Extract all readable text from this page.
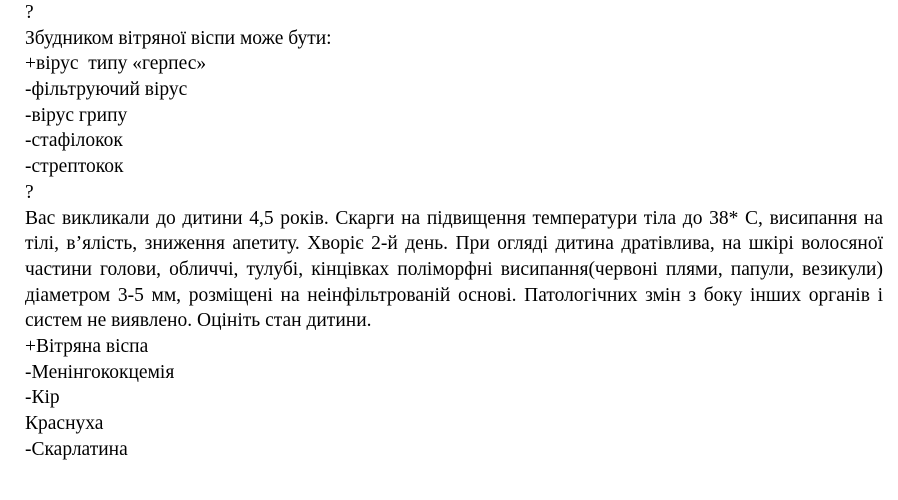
?
Збудником вітряної віспи може бути:
+вірус  типу «герпес»
-фільтруючий вірус
-вірус грипу
-стафілокок
-стрептокок
?
Вас викликали до дитини 4,5 років. Скарги на підвищення температури тіла до 38* С, висипання на тілі, в’ялість, зниження апетиту. Хворіє 2-й день. При огляді дитина дратівлива, на шкірі волосяної частини голови, обличчі, тулубі, кінцівках поліморфні висипання(червоні плями, папули, везикули) діаметром 3-5 мм, розміщені на неінфільтрованій основі. Патологічних змін з боку інших органів і систем не виявлено. Оцініть стан дитини.
+Вітряна віспа
-Менінгококцемія
-Кір
Краснуха
-Скарлатина
